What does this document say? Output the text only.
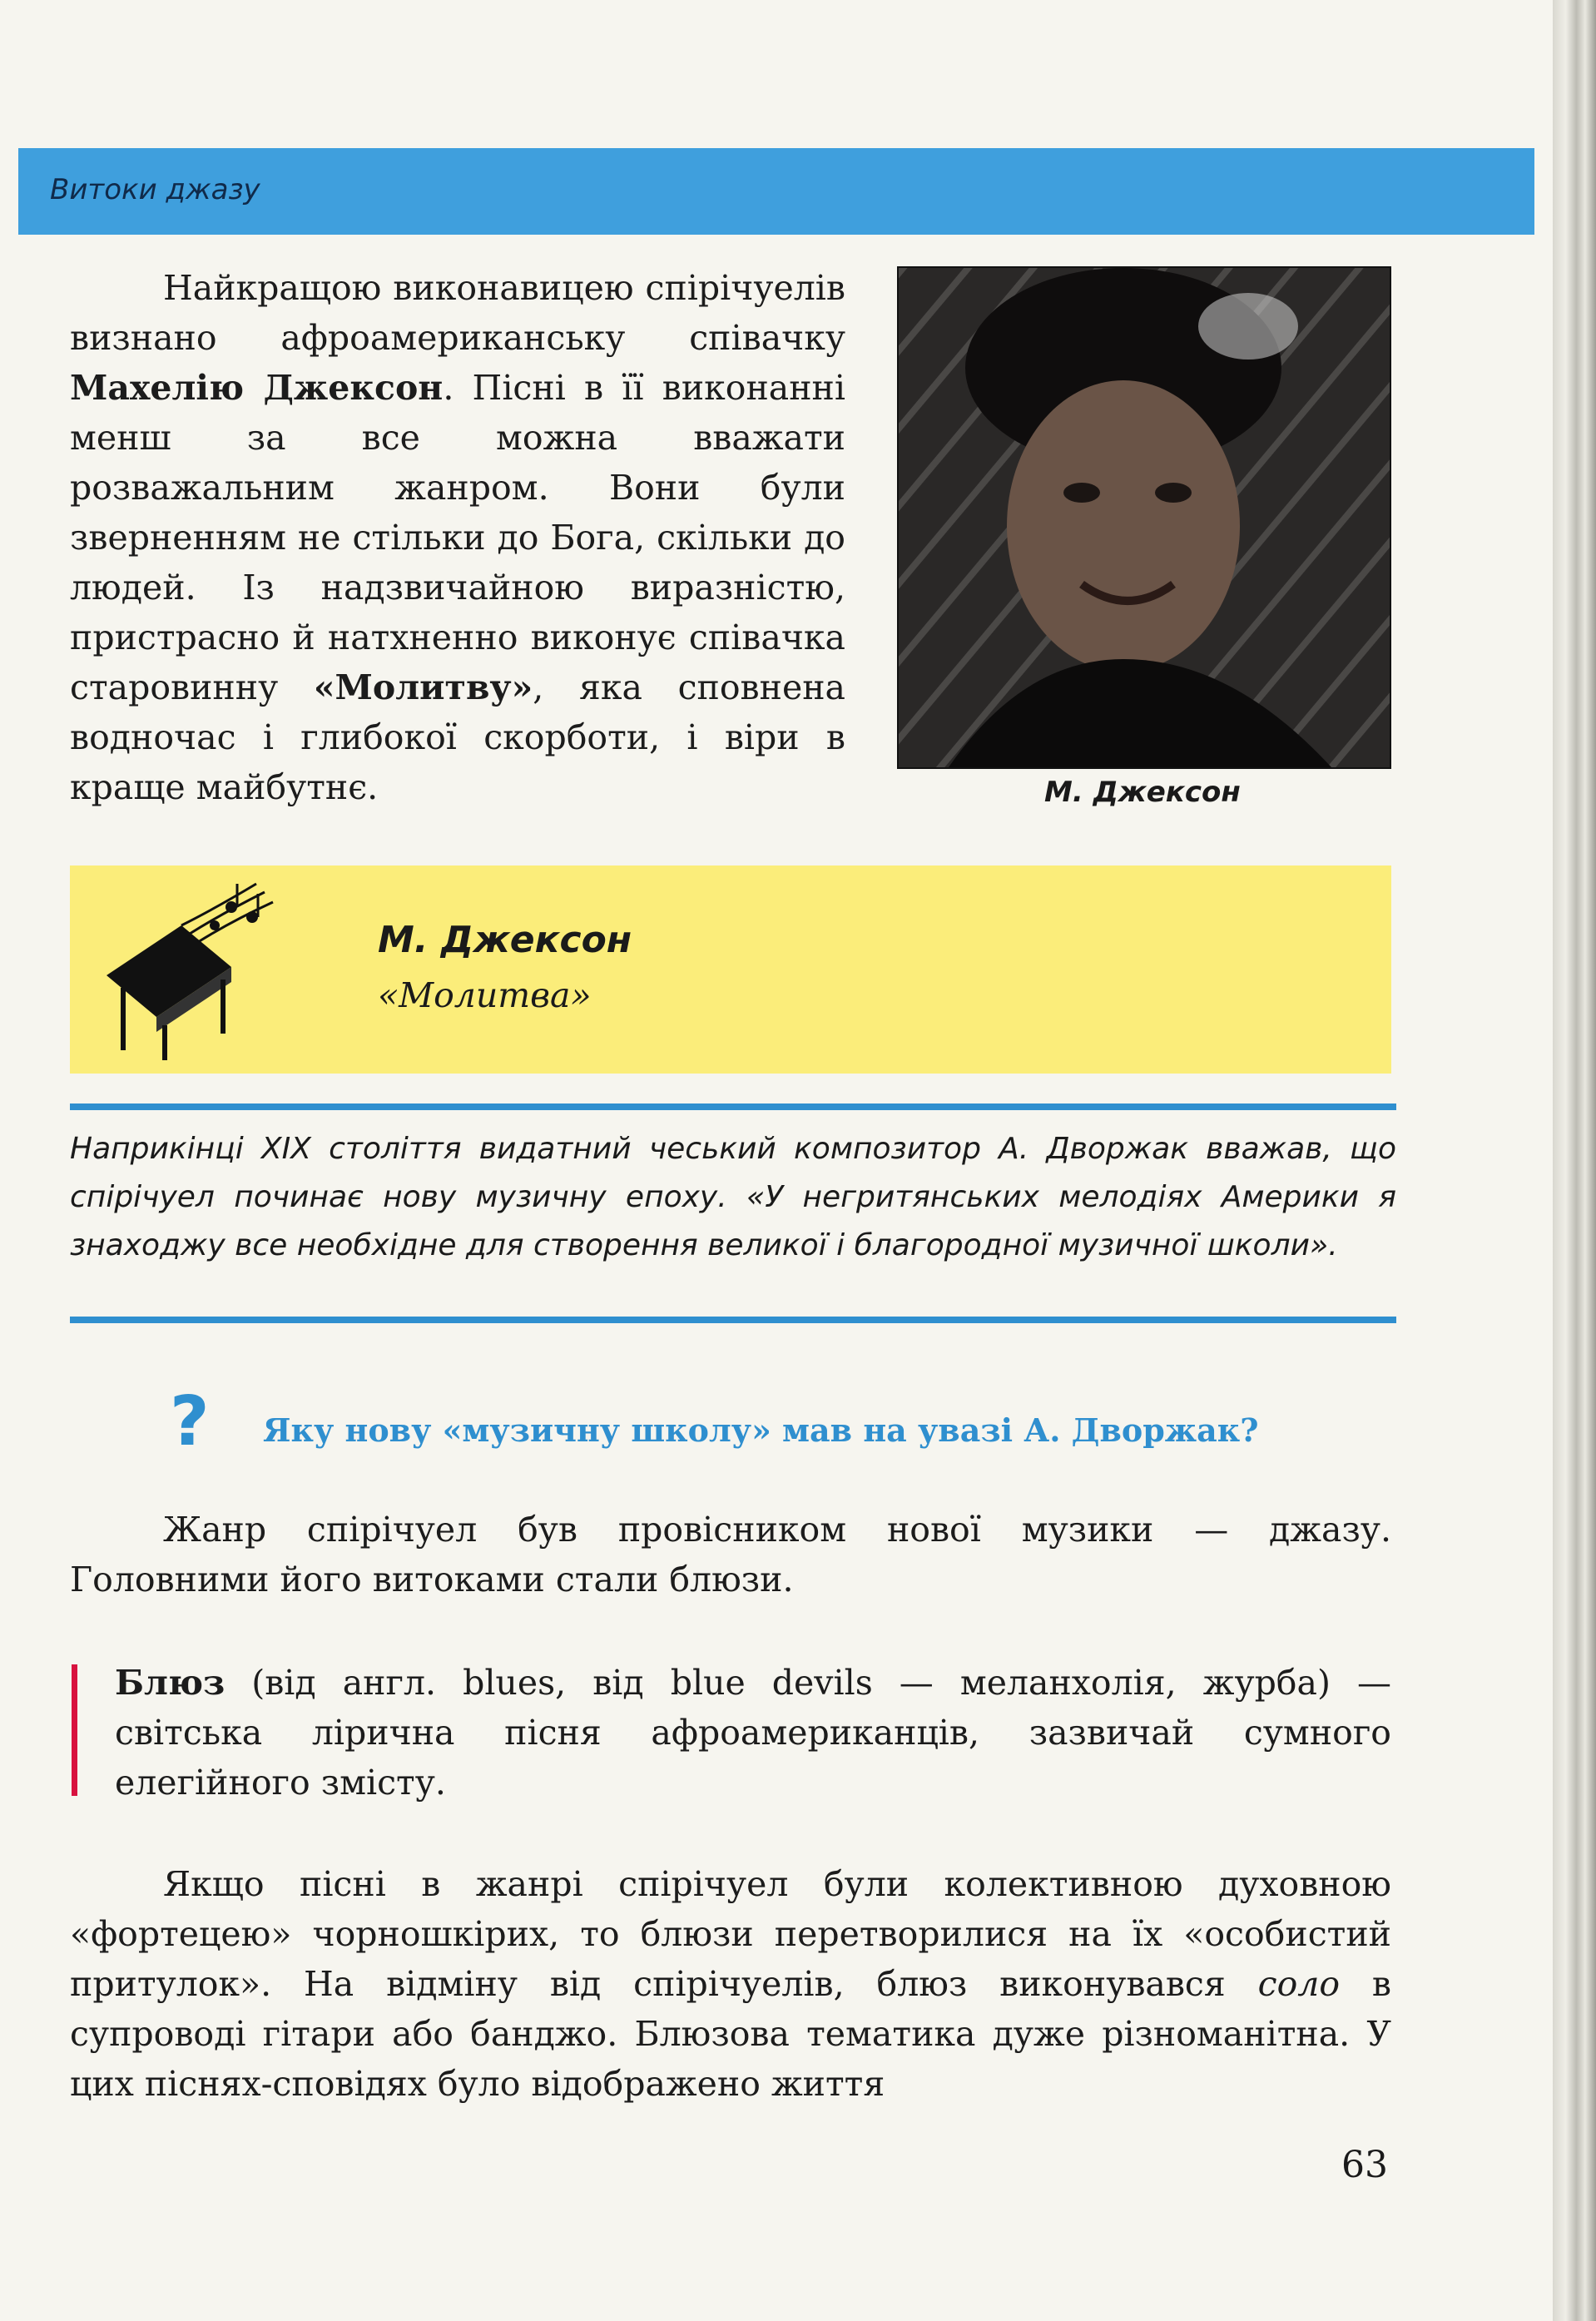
Витоки джазу

Найкращою виконавицею спірічуелів визнано афроамериканську співачку Махелію Джексон. Пісні в її виконанні менш за все можна вважати розважальним жанром. Вони були зверненням не стільки до Бога, скільки до людей. Із надзвичайною виразністю, пристрасно й натхненно виконує співачка старовинну «Молитву», яка сповнена водночас і глибокої скорботи, і віри в краще майбутнє.	М. Джексон
М. Джексон
«Молитва»

Наприкінці XIX століття видатний чеський композитор А. Дворжак вважав, що спірічуел починає нову музичну епоху. «У негритянських мелодіях Америки я знаходжу все необхідне для створення великої і благородної музичної школи».

? Яку нову «музичну школу» мав на увазі А. Дворжак?

Жанр спірічуел був провісником нової музики — джазу. Головними його витоками стали блюзи.

Блюз (від англ. blues, від blue devils — меланхолія, журба) — світська лірична пісня афроамериканців, зазвичай сумного елегійного змісту.

Якщо пісні в жанрі спірічуел були колективною духовною «фортецею» чорношкірих, то блюзи перетворилися на їх «особистий притулок». На відміну від спірічуелів, блюз виконувався соло в супроводі гітари або банджо. Блюзова тематика дуже різноманітна. У цих піснях-сповідях було відображено життя

63
